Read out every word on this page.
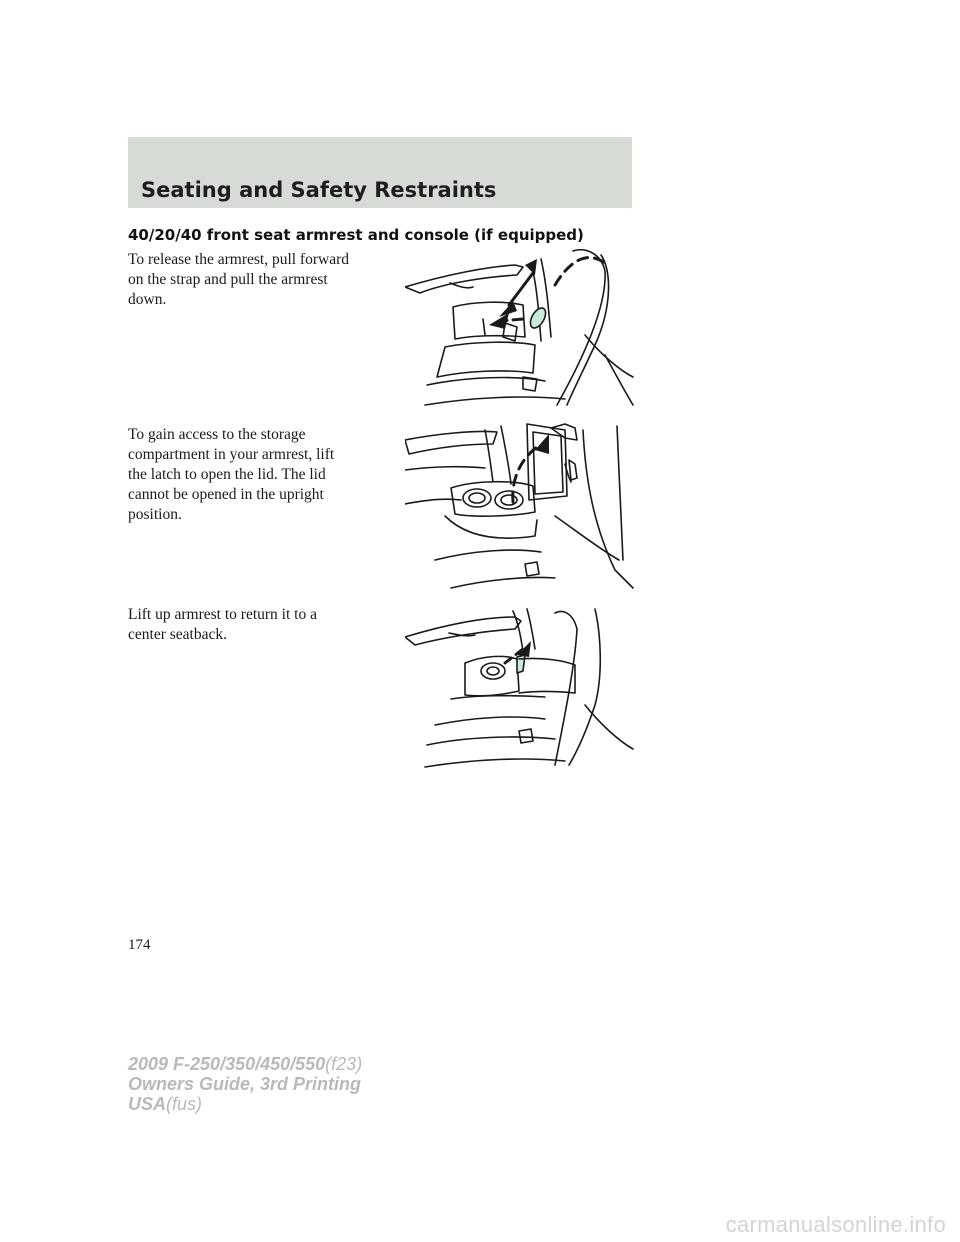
Seating and Safety Restraints
40/20/40 front seat armrest and console (if equipped)
To release the armrest, pull forward
on the strap and pull the armrest
down.
To gain access to the storage
compartment in your armrest, lift
the latch to open the lid. The lid
cannot be opened in the upright
position.
Lift up armrest to return it to a
center seatback.
174
2009 F-250/350/450/550(f23)
Owners Guide, 3rd Printing
USA(fus)
carmanualsonline.info
